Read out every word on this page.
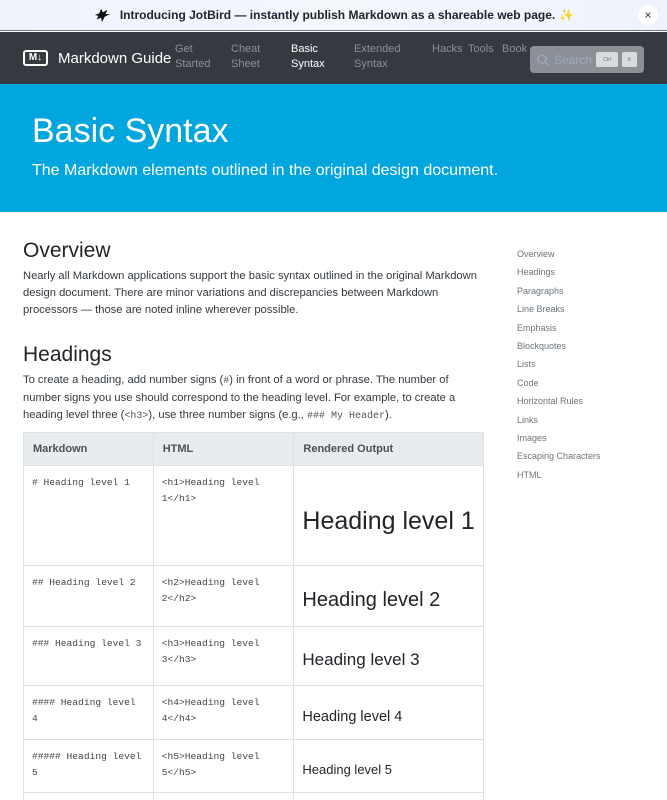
Introducing JotBird — instantly publish Markdown as a shareable web page. ✨	×
M↓	Markdown Guide
Get
Started
Cheat
Sheet
Basic
Syntax
Extended
Syntax
Hacks Tools Book
Search	Ctrl	K
Basic Syntax

The Markdown elements outlined in the original design document.

Overview

Nearly all Markdown applications support the basic syntax outlined in the original Markdown design document. There are minor variations and discrepancies between Markdown processors — those are noted inline wherever possible.

Headings

To create a heading, add number signs (#) in front of a word or phrase. The number of number signs you use should correspond to the heading level. For example, to create a heading level three (<h3>), use three number signs (e.g., ### My Header).

Markdown	HTML	Rendered Output
# Heading level 1	<h1>Heading level 1</h1>	Heading level 1

## Heading level 2	<h2>Heading level 2</h2>	Heading level 2

### Heading level 3	<h3>Heading level 3</h3>	Heading level 3

#### Heading level 4	<h4>Heading level 4</h4>	Heading level 4

##### Heading level 5	<h5>Heading level 5</h5>	Heading level 5

Overview
Headings
Paragraphs
Line Breaks
Emphasis
Blockquotes
Lists
Code
Horizontal Rules
Links
Images
Escaping Characters
HTML
